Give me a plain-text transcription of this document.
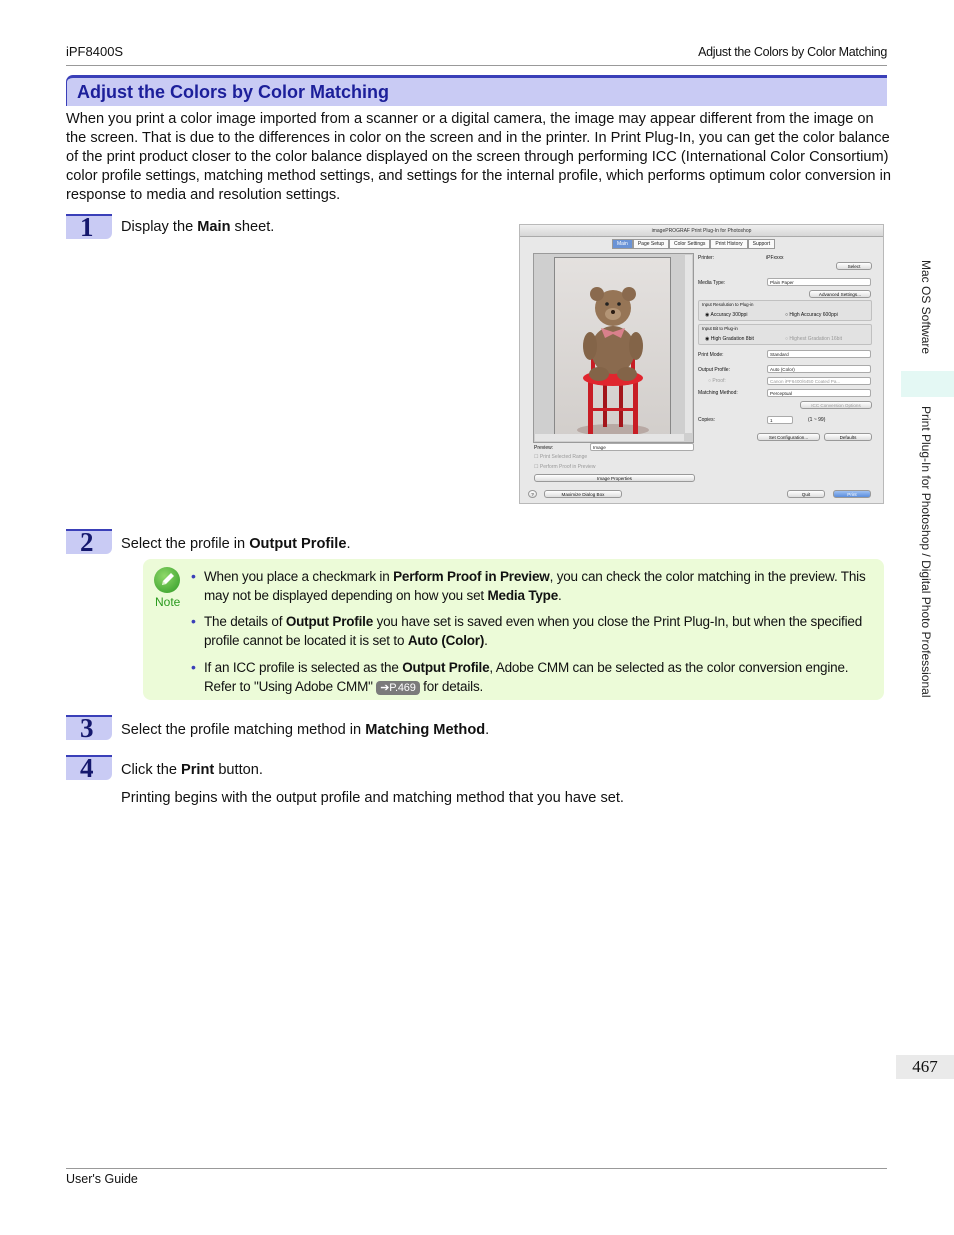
iPF8400S	Adjust the Colors by Color Matching
Adjust the Colors by Color Matching

When you print a color image imported from a scanner or a digital camera, the image may appear different from the image on the screen. That is due to the differences in color on the screen and in the printer. In Print Plug-In, you can get the color balance of the print product closer to the color balance displayed on the screen through performing ICC (International Color Consortium) color profile settings, matching method settings, and settings for the internal profile, which performs optimum color conversion in response to media and resolution settings.

1 Display the Main sheet.	imagePROGRAF Print Plug-In for Photoshop
Main	Page Setup	Color Settings	Print History	Support
Printer:	iPFxxxx
Select
Media Type:	Plain Paper
Advanced Settings...
Input Resolution to Plug-in
◉ Accuracy 300ppi	○ High Accuracy 600ppi
Input Bit to Plug-in
◉ High Gradation 8bit	○ Highest Gradation 16bit
Print Mode:	Standard
Output Profile:	Auto (Color)
○ Proof:	Canon iPF6400/6450 Coated Pa...
Matching Method:	Perceptual
ICC Conversion Options
Copies:	1	(1 ~ 99)
Set Configuration...	Defaults
Preview:	Image
☐ Print Selected Range
☐ Perform Proof in Preview
Image Properties
?	Maximize Dialog Box	Quit	Print
2 Select the profile in Output Profile.
Note
• When you place a checkmark in Perform Proof in Preview, you can check the color matching in the preview. This may not be displayed depending on how you set Media Type.
• The details of Output Profile you have set is saved even when you close the Print Plug-In, but when the specified profile cannot be located it is set to Auto (Color).
• If an ICC profile is selected as the Output Profile, Adobe CMM can be selected as the color conversion engine. Refer to "Using Adobe CMM" ➔P.469 for details.
3 Select the profile matching method in Matching Method.
4 Click the Print button.
Printing begins with the output profile and matching method that you have set.
Mac OS Software
Print Plug-In for Photoshop / Digital Photo Professional
467
User's Guide
